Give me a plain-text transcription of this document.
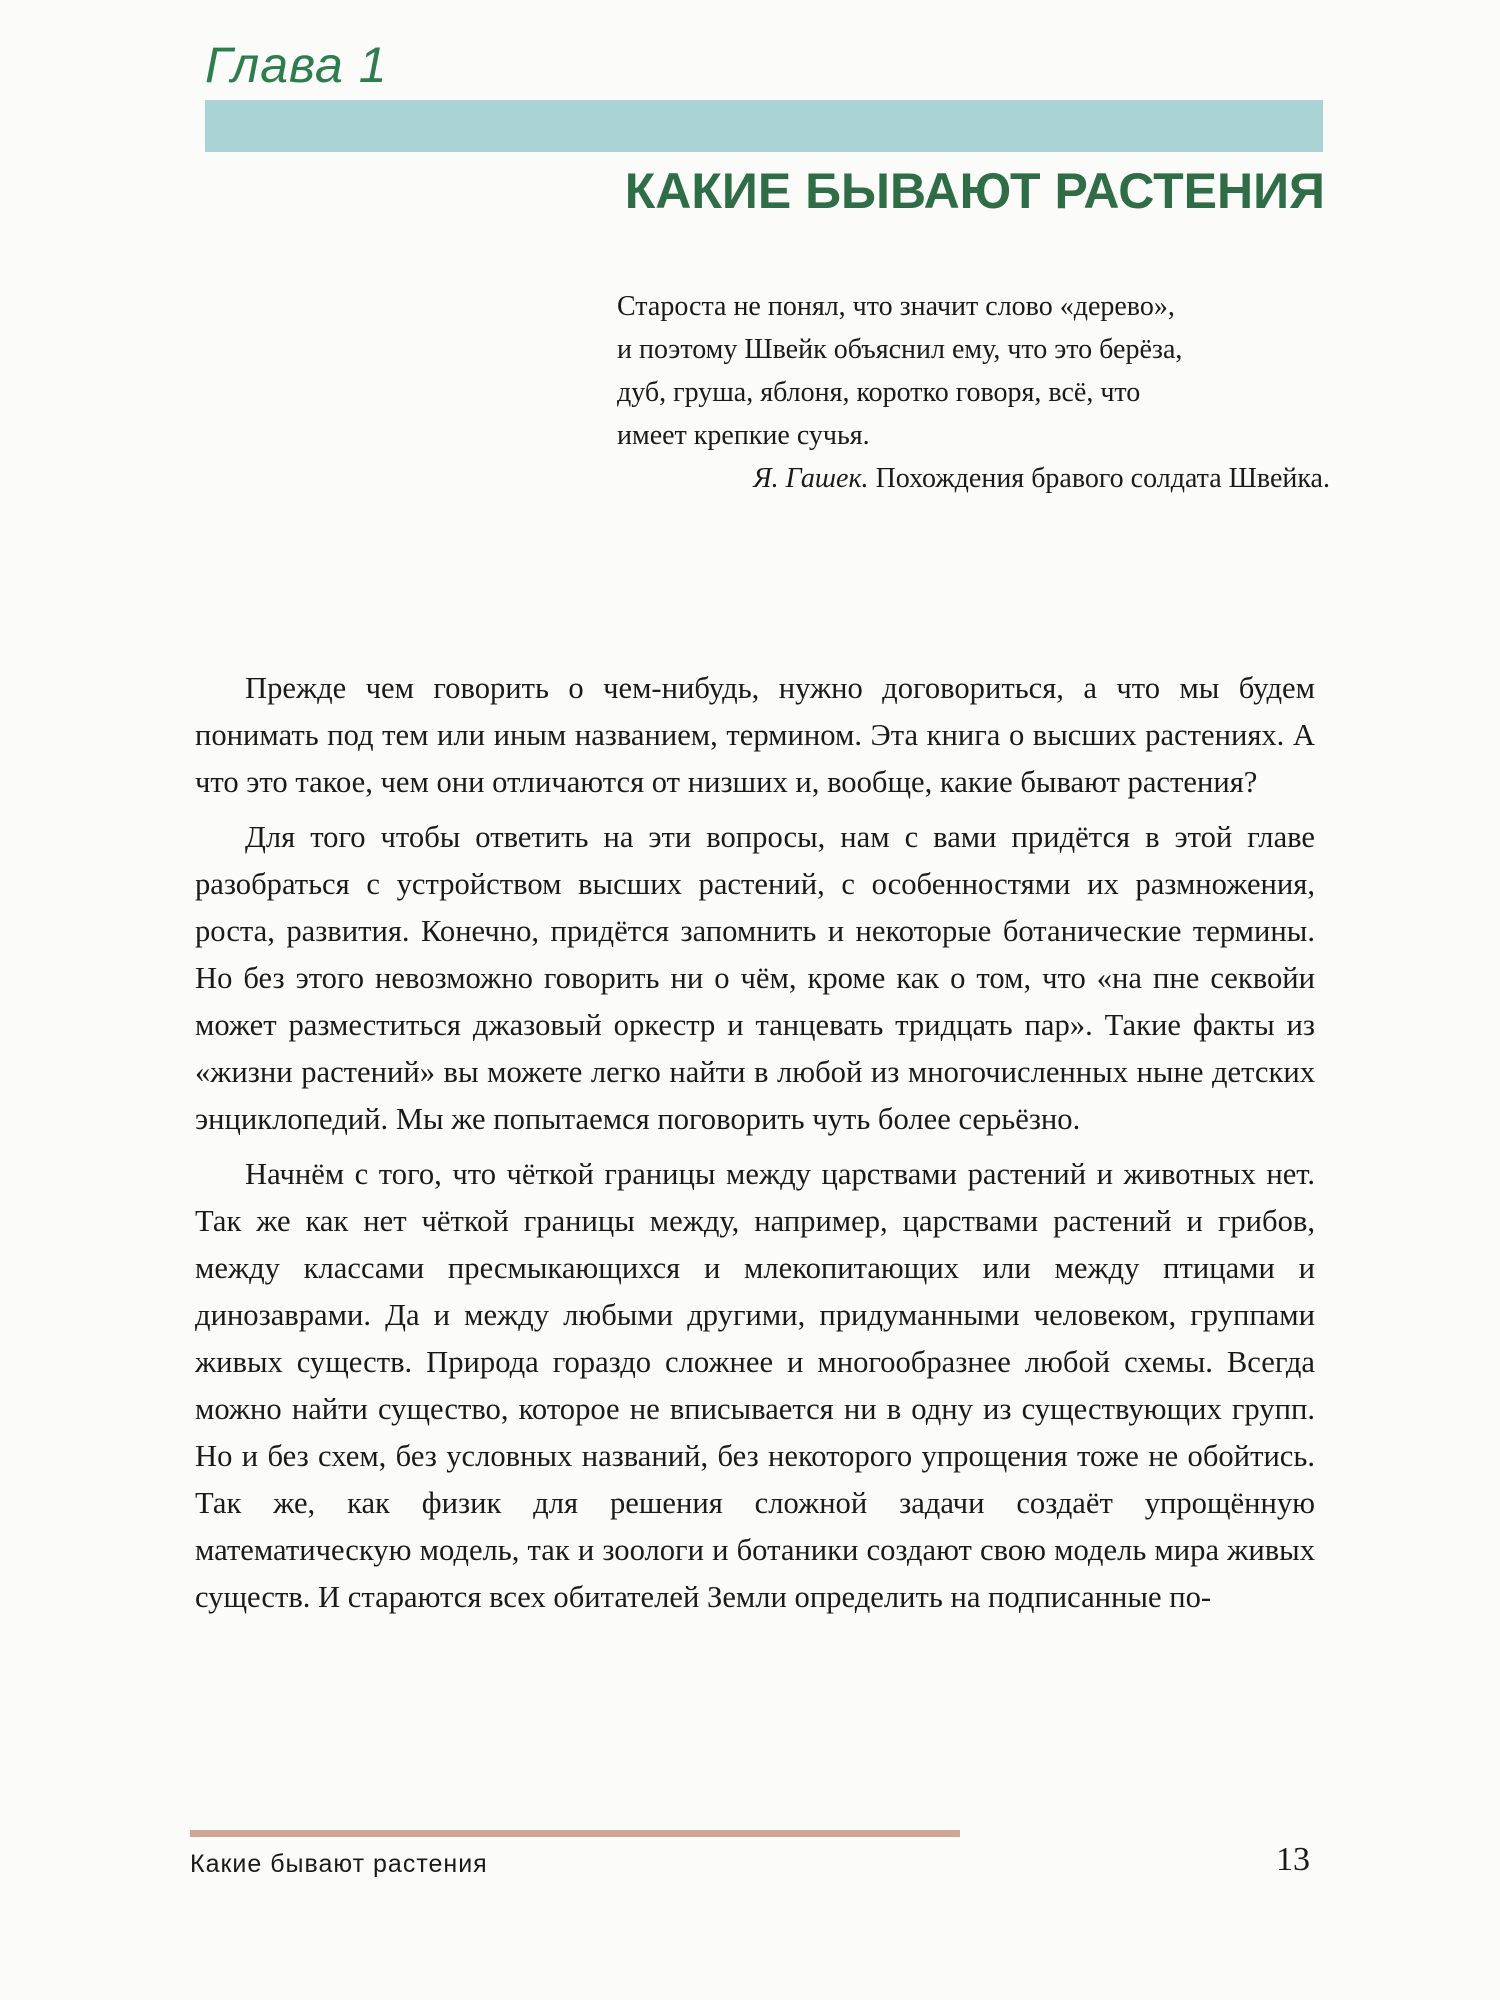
Глава 1
КАКИЕ БЫВАЮТ РАСТЕНИЯ

Староста не понял, что значит слово «дерево»,

и поэтому Швейк объяснил ему, что это берёза,

дуб, груша, яблоня, коротко говоря, всё, что

имеет крепкие сучья.

Я. Гашек. Похождения бравого солдата Швейка.

Прежде чем говорить о чем-нибудь, нужно договориться, а что мы будем понимать под тем или иным названием, термином. Эта книга о высших растениях. А что это такое, чем они отличаются от низших и, вообще, какие бывают растения?

Для того чтобы ответить на эти вопросы, нам с вами придётся в этой главе разобраться с устройством высших растений, с особенностями их размножения, роста, развития. Конечно, придётся запомнить и некоторые ботанические термины. Но без этого невозможно говорить ни о чём, кроме как о том, что «на пне секвойи может разместиться джазовый оркестр и танцевать тридцать пар». Такие факты из «жизни растений» вы можете легко найти в любой из многочисленных ныне детских энциклопедий. Мы же попытаемся поговорить чуть более серьёзно.

Начнём с того, что чёткой границы между царствами растений и животных нет. Так же как нет чёткой границы между, например, царствами растений и грибов, между классами пресмыкающихся и млекопитающих или между птицами и динозаврами. Да и между любыми другими, придуманными человеком, группами живых существ. Природа гораздо сложнее и многообразнее любой схемы. Всегда можно найти существо, которое не вписывается ни в одну из существующих групп. Но и без схем, без условных названий, без некоторого упрощения тоже не обойтись. Так же, как физик для решения сложной задачи создаёт упрощённую математическую модель, так и зоологи и ботаники создают свою модель мира живых существ. И стараются всех обитателей Земли определить на подписанные по-

Какие бывают растения	13
